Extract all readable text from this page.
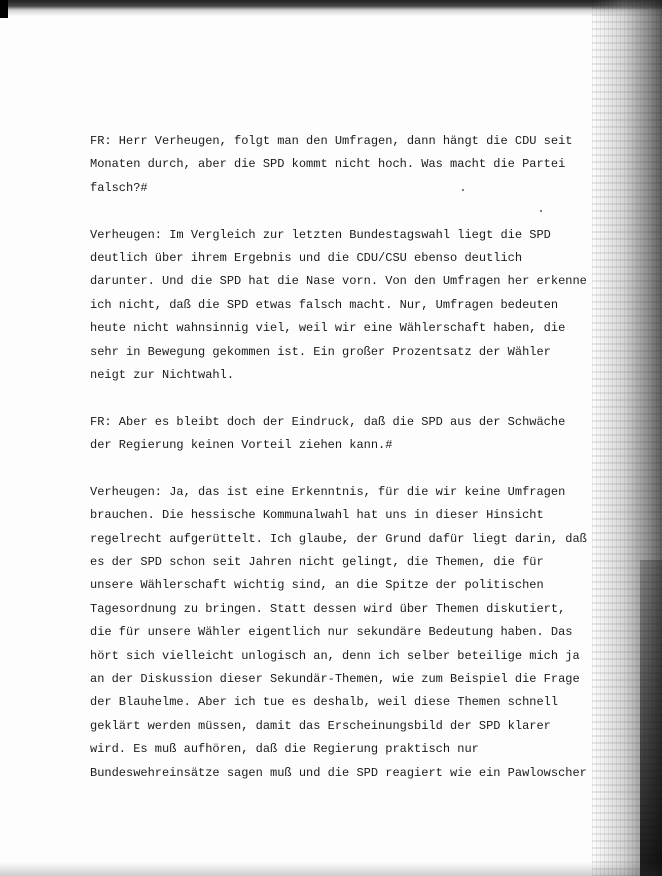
FR: Herr Verheugen, folgt man den Umfragen, dann hängt die CDU seit
Monaten durch, aber die SPD kommt nicht hoch. Was macht die Partei
falsch?#
Verheugen: Im Vergleich zur letzten Bundestagswahl liegt die SPD
deutlich über ihrem Ergebnis und die CDU/CSU ebenso deutlich
darunter. Und die SPD hat die Nase vorn. Von den Umfragen her erkenne
ich nicht, daß die SPD etwas falsch macht. Nur, Umfragen bedeuten
heute nicht wahnsinnig viel, weil wir eine Wählerschaft haben, die
sehr in Bewegung gekommen ist. Ein großer Prozentsatz der Wähler
neigt zur Nichtwahl.
FR: Aber es bleibt doch der Eindruck, daß die SPD aus der Schwäche
der Regierung keinen Vorteil ziehen kann.#
Verheugen: Ja, das ist eine Erkenntnis, für die wir keine Umfragen
brauchen. Die hessische Kommunalwahl hat uns in dieser Hinsicht
regelrecht aufgerüttelt. Ich glaube, der Grund dafür liegt darin, daß
es der SPD schon seit Jahren nicht gelingt, die Themen, die für
unsere Wählerschaft wichtig sind, an die Spitze der politischen
Tagesordnung zu bringen. Statt dessen wird über Themen diskutiert,
die für unsere Wähler eigentlich nur sekundäre Bedeutung haben. Das
hört sich vielleicht unlogisch an, denn ich selber beteilige mich ja
an der Diskussion dieser Sekundär-Themen, wie zum Beispiel die Frage
der Blauhelme. Aber ich tue es deshalb, weil diese Themen schnell
geklärt werden müssen, damit das Erscheinungsbild der SPD klarer
wird. Es muß aufhören, daß die Regierung praktisch nur
Bundeswehreinsätze sagen muß und die SPD reagiert wie ein Pawlowscher
